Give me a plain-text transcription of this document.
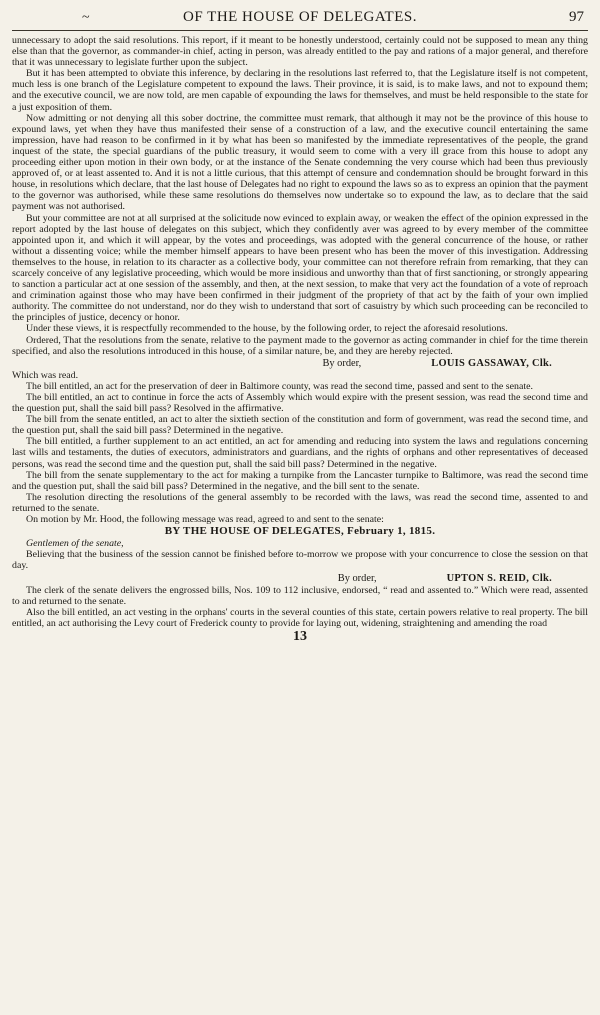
~	OF THE HOUSE OF DELEGATES.	97

unnecessary to adopt the said resolutions. This report, if it meant to be honestly understood, certainly could not be supposed to mean any thing else than that the governor, as commander-in chief, acting in person, was already entitled to the pay and rations of a major general, and therefore that it was unnecessary to legislate further upon the subject.

But it has been attempted to obviate this inference, by declaring in the resolutions last referred to, that the Legislature itself is not competent, much less is one branch of the Legislature competent to expound the laws. Their province, it is said, is to make laws, and not to expound them; and the executive council, we are now told, are men capable of expounding the laws for themselves, and must be held responsible to the state for a just exposition of them.

Now admitting or not denying all this sober doctrine, the committee must remark, that although it may not be the province of this house to expound laws, yet when they have thus manifested their sense of a construction of a law, and the executive council entertaining the same impression, have had reason to be confirmed in it by what has been so manifested by the immediate representatives of the people, the grand inquest of the state, the special guardians of the public treasury, it would seem to come with a very ill grace from this house to adopt any proceeding either upon motion in their own body, or at the instance of the Senate condemning the very course which had been thus previously approved of, or at least assented to. And it is not a little curious, that this attempt of censure and condemnation should be brought forward in this house, in resolutions which declare, that the last house of Delegates had no right to expound the laws so as to express an opinion that the payment to the governor was authorised, while these same resolutions do themselves now undertake so to expound the law, as to declare that the said payment was not authorised.

But your committee are not at all surprised at the solicitude now evinced to explain away, or weaken the effect of the opinion expressed in the report adopted by the last house of delegates on this subject, which they confidently aver was agreed to by every member of the committee appointed upon it, and which it will appear, by the votes and proceedings, was adopted with the general concurrence of the house, or rather without a dissenting voice; while the member himself appears to have been present who has been the mover of this investigation. Addressing themselves to the house, in relation to its character as a collective body, your committee can not therefore refrain from remarking, that they can scarcely conceive of any legislative proceeding, which would be more insidious and unworthy than that of first sanctioning, or strongly appearing to sanction a particular act at one session of the assembly, and then, at the next session, to make that very act the foundation of a vote of reproach and crimination against those who may have been confirmed in their judgment of the propriety of that act by the faith of your own implied authority. The committee do not understand, nor do they wish to understand that sort of casuistry by which such proceeding can be reconciled to the principles of justice, decency or honor.

Under these views, it is respectfully recommended to the house, by the following order, to reject the aforesaid resolutions.

Ordered, That the resolutions from the senate, relative to the payment made to the governor as acting commander in chief for the time therein specified, and also the resolutions introduced in this house, of a similar nature, be, and they are hereby rejected.

By order,	LOUIS GASSAWAY, Clk.

Which was read.

The bill entitled, an act for the preservation of deer in Baltimore county, was read the second time, passed and sent to the senate.

The bill entitled, an act to continue in force the acts of Assembly which would expire with the present session, was read the second time and the question put, shall the said bill pass? Resolved in the affirmative.

The bill from the senate entitled, an act to alter the sixtieth section of the constitution and form of government, was read the second time, and the question put, shall the said bill pass? Determined in the negative.

The bill entitled, a further supplement to an act entitled, an act for amending and reducing into system the laws and regulations concerning last wills and testaments, the duties of executors, administrators and guardians, and the rights of orphans and other representatives of deceased persons, was read the second time and the question put, shall the said bill pass? Determined in the negative.

The bill from the senate supplementary to the act for making a turnpike from the Lancaster turnpike to Baltimore, was read the second time and the question put, shall the said bill pass? Determined in the negative, and the bill sent to the senate.

The resolution directing the resolutions of the general assembly to be recorded with the laws, was read the second time, assented to and returned to the senate.

On motion by Mr. Hood, the following message was read, agreed to and sent to the senate:

BY THE HOUSE OF DELEGATES, February 1, 1815.

Gentlemen of the senate,

Believing that the business of the session cannot be finished before to-morrow we propose with your concurrence to close the session on that day.

By order,	UPTON S. REID, Clk.

The clerk of the senate delivers the engrossed bills, Nos. 109 to 112 inclusive, endorsed, “ read and assented to.” Which were read, assented to and returned to the senate.

Also the bill entitled, an act vesting in the orphans' courts in the several counties of this state, certain powers relative to real property. The bill entitled, an act authorising the Levy court of Frederick county to provide for laying out, widening, straightening and amending the road

13
